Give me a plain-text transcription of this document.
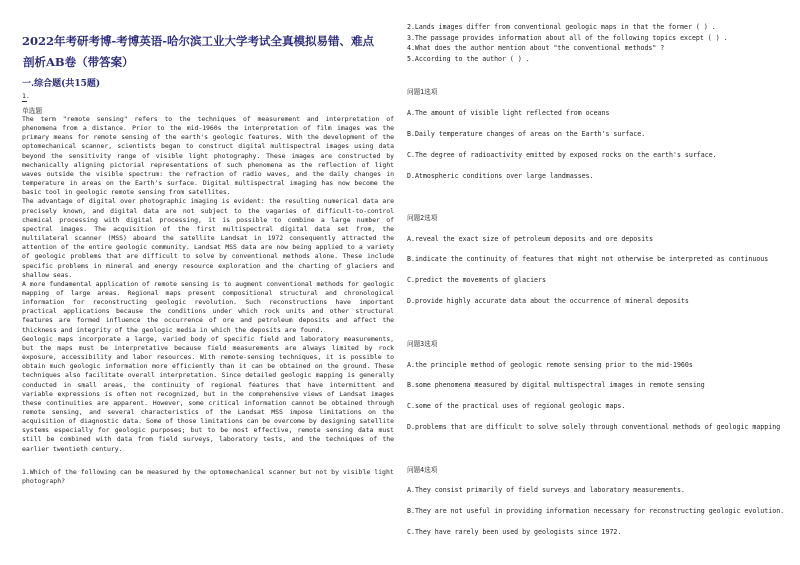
2022年考研考博-考博英语-哈尔滨工业大学考试全真模拟易错、难点
剖析AB卷（带答案）
一.综合题(共15题)
1.
单选题

The term "remote sensing" refers to the techniques of measurement and interpretation of phenomena from a distance. Prior to the mid-1960s the interpretation of film images was the primary means for remote sensing of the earth's geologic features. With the development of the optomechanical scanner, scientists began to construct digital multispectral images using data beyond the sensitivity range of visible light photography. These images are constructed by mechanically aligning pictorial representations of such phenomena as the reflection of light waves outside the visible spectrum: the refraction of radio waves, and the daily changes in temperature in areas on the Earth's surface. Digital multispectral imaging has now become the basic tool in geologic remote sensing from satellites.

The advantage of digital over photographic imaging is evident: the resulting numerical data are precisely known, and digital data are not subject to the vagaries of difficult-to-control chemical processing with digital processing, it is possible to combine a large number of spectral images. The acquisition of the first multispectral digital data set from, the multilateral scanner (MSS) aboard the satellite Landsat in 1972 consequently attracted the attention of the entire geologic community. Landsat MSS data are now being applied to a variety of geologic problems that are difficult to solve by conventional methods alone. These include specific problems in mineral and energy resource exploration and the charting of glaciers and shallow seas.

A more fundamental application of remote sensing is to augment conventional methods for geologic mapping of large areas. Regional maps present compositional structural and chronological information for reconstructing geologic revolution. Such reconstructions have important practical applications because the conditions under which rock units and other structural features are formed influence the occurrence of ore and petroleum deposits and affect the thickness and integrity of the geologic media in which the deposits are found.

Geologic maps incorporate a large, varied body of specific field and laboratory measurements, but the maps must be interpretative because field measurements are always limited by rock exposure, accessibility and labor resources. With remote-sensing techniques, it is possible to obtain much geologic information more efficiently than it can be obtained on the ground. These techniques also facilitate overall interpretation. Since detailed geologic mapping is generally conducted in small areas, the continuity of regional features that have intermittent and variable expressions is often not recognized, but in the comprehensive views of Landsat images these continuities are apparent. However, some critical information cannot be obtained through remote sensing, and several characteristics of the Landsat MSS impose limitations on the acquisition of diagnostic data. Some of those limitations can be overcome by designing satellite systems especially for geologic purposes; but to be most effective, remote sensing data must still be combined with data from field surveys, laboratory tests, and the techniques of the earlier twentieth century.

1.Which of the following can be measured by the optomechanical scanner but not by visible light photograph?
2.Lands images differ from conventional geologic maps in that the former ( ) .
3.The passage provides information about all of the following topics except ( ) .
4.What does the author mention about "the conventional methods" ?
5.According to the author ( ) .
问题1选项
A.The amount of visible light reflected from oceans
B.Daily temperature changes of areas on the Earth's surface.
C.The degree of radioactivity emitted by exposed rocks on the earth's surface.
D.Atmospheric conditions over large landmasses.
问题2选项
A.reveal the exact size of petroleum deposits and ore deposits
B.indicate the continuity of features that might not otherwise be interpreted as continuous
C.predict the movements of glaciers
D.provide highly accurate data about the occurrence of mineral deposits
问题3选项
A.the principle method of geologic remote sensing prior to the mid-1960s
B.some phenomena measured by digital multispectral images in remote sensing
C.some of the practical uses of regional geologic maps.
D.problems that are difficult to solve solely through conventional methods of geologic mapping
问题4选项
A.They consist primarily of field surveys and laboratory measurements.
B.They are not useful in providing information necessary for reconstructing geologic evolution.
C.They have rarely been used by geologists since 1972.
